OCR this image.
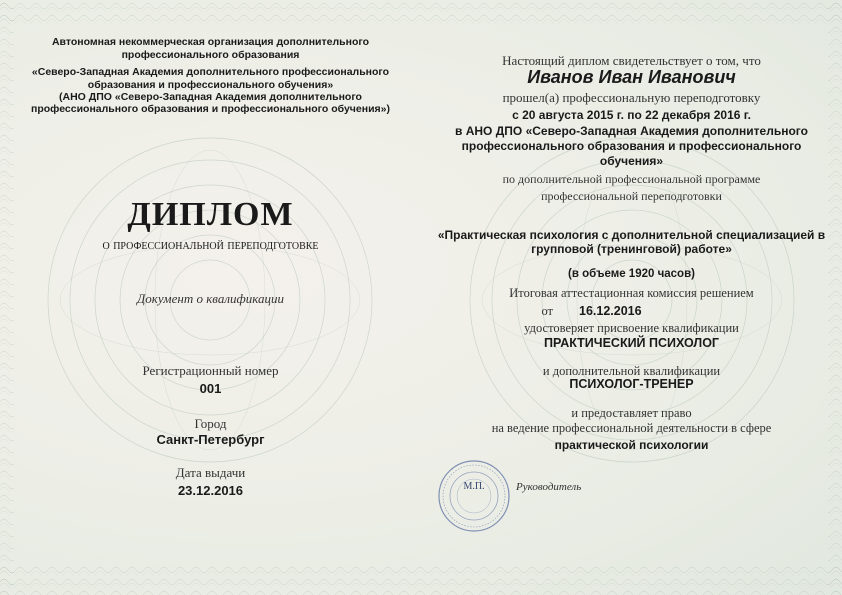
Автономная некоммерческая организация дополнительного

профессионального образования

«Северо-Западная Академия дополнительного профессионального

образования и профессионального обучения»

(АНО ДПО «Северо-Западная Академия дополнительного

профессионального образования и профессионального обучения»)

ДИПЛОМ

о профессиональной переподготовке

Документ о квалификации

Регистрационный номер

001

Город

Санкт-Петербург

Дата выдачи

23.12.2016

Настоящий диплом свидетельствует о том, что

Иванов Иван Иванович

прошел(а) профессиональную переподготовку

с 20 августа 2015 г. по 22 декабря 2016 г.

в АНО ДПО «Северо-Западная Академия дополнительного

профессионального образования и профессионального

обучения»

по дополнительной профессиональной программе

профессиональной переподготовки

«Практическая психология с дополнительной специализацией в

групповой (тренинговой) работе»

(в объеме 1920 часов)

Итоговая аттестационная комиссия решением

от 16.12.2016

удостоверяет присвоение квалификации

ПРАКТИЧЕСКИЙ ПСИХОЛОГ

и дополнительной квалификации

ПСИХОЛОГ-ТРЕНЕР

и предоставляет право

на ведение профессиональной деятельности в сфере

практической психологии

М.П.	Руководитель
